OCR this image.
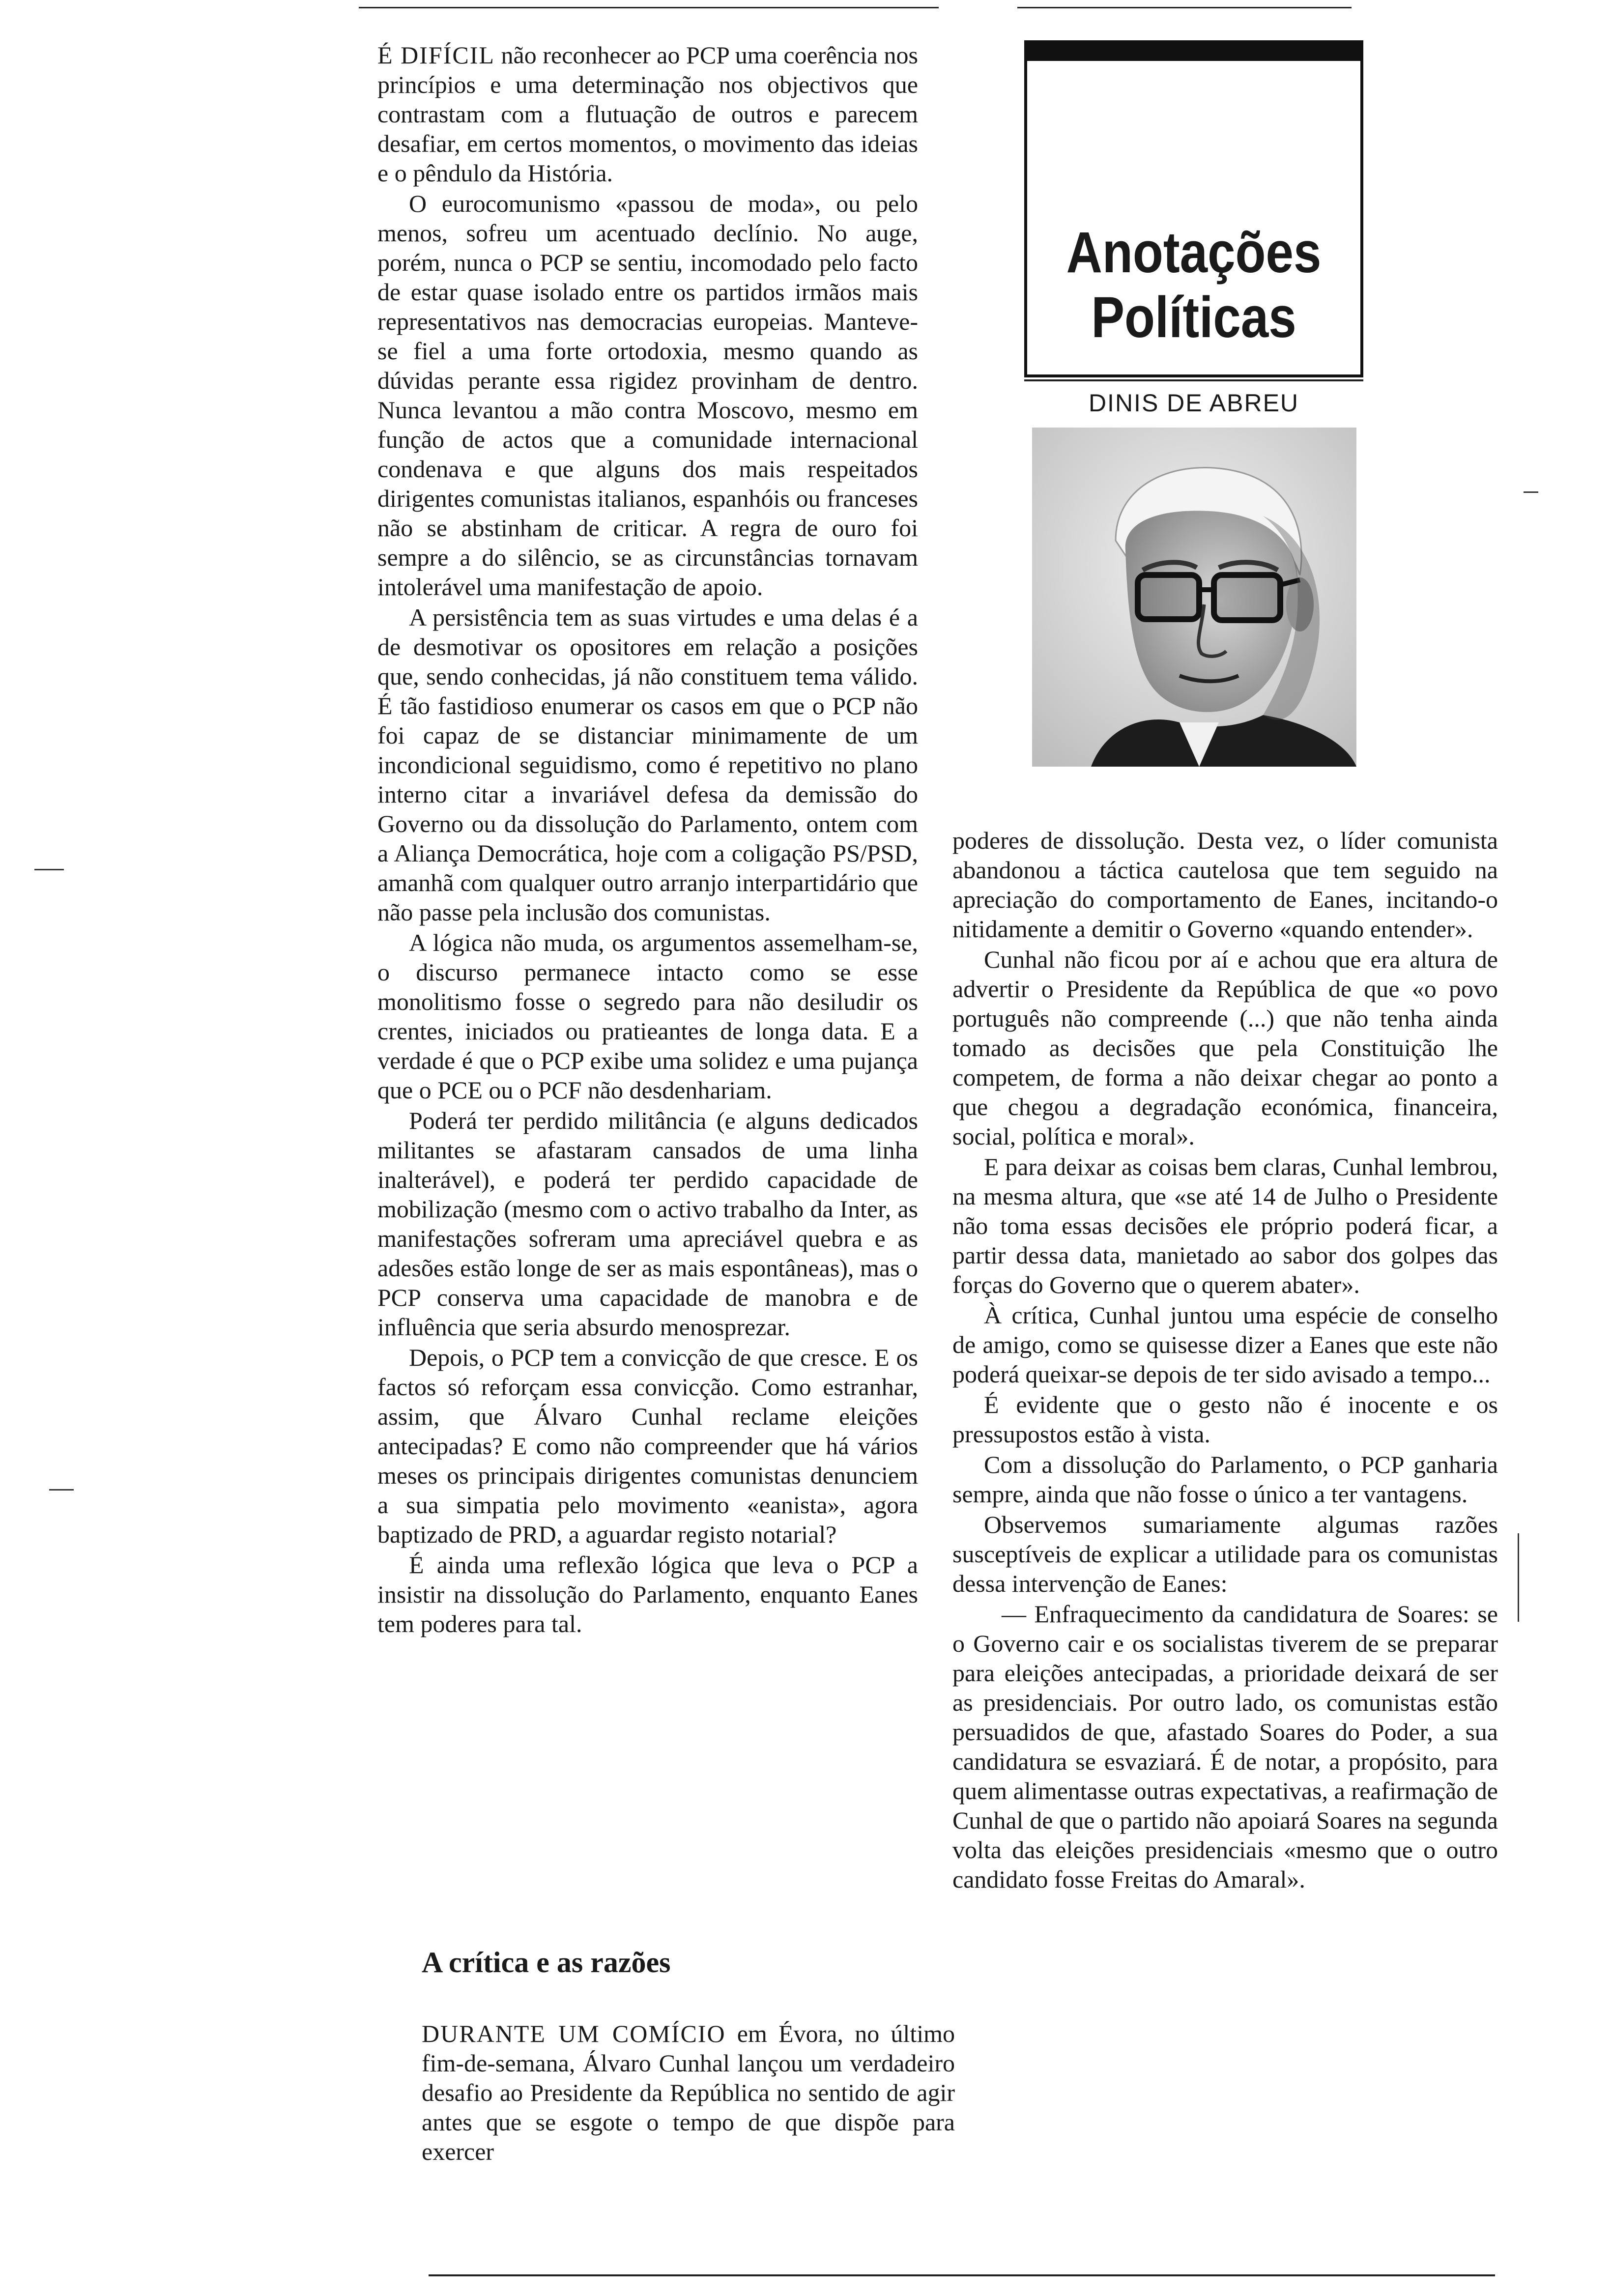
É DIFÍCIL não reconhecer ao PCP uma coerência nos princípios e uma determinação nos objectivos que contrastam com a flutuação de outros e parecem desafiar, em certos momentos, o movimento das ideias e o pêndulo da História.

O eurocomunismo «passou de moda», ou pelo menos, sofreu um acentuado declínio. No auge, porém, nunca o PCP se sentiu, incomodado pelo facto de estar quase isolado entre os partidos irmãos mais representativos nas democracias europeias. Manteve-se fiel a uma forte ortodoxia, mesmo quando as dúvidas perante essa rigidez provinham de dentro. Nunca levantou a mão contra Moscovo, mesmo em função de actos que a comunidade internacional condenava e que alguns dos mais respeitados dirigentes comunistas italianos, espanhóis ou franceses não se abstinham de criticar. A regra de ouro foi sempre a do silêncio, se as circunstâncias tornavam intolerável uma manifestação de apoio.

A persistência tem as suas virtudes e uma delas é a de desmotivar os opositores em relação a posições que, sendo conhecidas, já não constituem tema válido. É tão fastidioso enumerar os casos em que o PCP não foi capaz de se distanciar minimamente de um incondicional seguidismo, como é repetitivo no plano interno citar a invariável defesa da demissão do Governo ou da dissolução do Parlamento, ontem com a Aliança Democrática, hoje com a coligação PS/PSD, amanhã com qualquer outro arranjo interpartidário que não passe pela inclusão dos comunistas.

A lógica não muda, os argumentos assemelham-se, o discurso permanece intacto como se esse monolitismo fosse o segredo para não desiludir os crentes, iniciados ou pratieantes de longa data. E a verdade é que o PCP exibe uma solidez e uma pujança que o PCE ou o PCF não desdenhariam.

Poderá ter perdido militância (e alguns dedicados militantes se afastaram cansados de uma linha inalterável), e poderá ter perdido capacidade de mobilização (mesmo com o activo trabalho da Inter, as manifestações sofreram uma apreciável quebra e as adesões estão longe de ser as mais espontâneas), mas o PCP conserva uma capacidade de manobra e de influência que seria absurdo menosprezar.

Depois, o PCP tem a convicção de que cresce. E os factos só reforçam essa convicção. Como estranhar, assim, que Álvaro Cunhal reclame eleições antecipadas? E como não compreender que há vários meses os principais dirigentes comunistas denunciem a sua simpatia pelo movimento «eanista», agora baptizado de PRD, a aguardar registo notarial?

É ainda uma reflexão lógica que leva o PCP a insistir na dissolução do Parlamento, enquanto Eanes tem poderes para tal.

A crítica e as razões

DURANTE UM COMÍCIO em Évora, no último fim-de-semana, Álvaro Cunhal lançou um verdadeiro desafio ao Presidente da República no sentido de agir antes que se esgote o tempo de que dispõe para exercer

Anotações
Políticas
DINIS DE ABREU

poderes de dissolução. Desta vez, o líder comunista abandonou a táctica cautelosa que tem seguido na apreciação do comportamento de Eanes, incitando-o nitidamente a demitir o Governo «quando entender».

Cunhal não ficou por aí e achou que era altura de advertir o Presidente da República de que «o povo português não compreende (...) que não tenha ainda tomado as decisões que pela Constituição lhe competem, de forma a não deixar chegar ao ponto a que chegou a degradação económica, financeira, social, política e moral».

E para deixar as coisas bem claras, Cunhal lembrou, na mesma altura, que «se até 14 de Julho o Presidente não toma essas decisões ele próprio poderá ficar, a partir dessa data, manietado ao sabor dos golpes das forças do Governo que o querem abater».

À crítica, Cunhal juntou uma espécie de conselho de amigo, como se quisesse dizer a Eanes que este não poderá queixar-se depois de ter sido avisado a tempo...

É evidente que o gesto não é inocente e os pressupostos estão à vista.

Com a dissolução do Parlamento, o PCP ganharia sempre, ainda que não fosse o único a ter vantagens.

Observemos sumariamente algumas razões susceptíveis de explicar a utilidade para os comunistas dessa intervenção de Eanes:

— Enfraquecimento da candidatura de Soares: se o Governo cair e os socialistas tiverem de se preparar para eleições antecipadas, a prioridade deixará de ser as presidenciais. Por outro lado, os comunistas estão persuadidos de que, afastado Soares do Poder, a sua candidatura se esvaziará. É de notar, a propósito, para quem alimentasse outras expectativas, a reafirmação de Cunhal de que o partido não apoiará Soares na segunda volta das eleições presidenciais «mesmo que o outro candidato fosse Freitas do Amaral».
